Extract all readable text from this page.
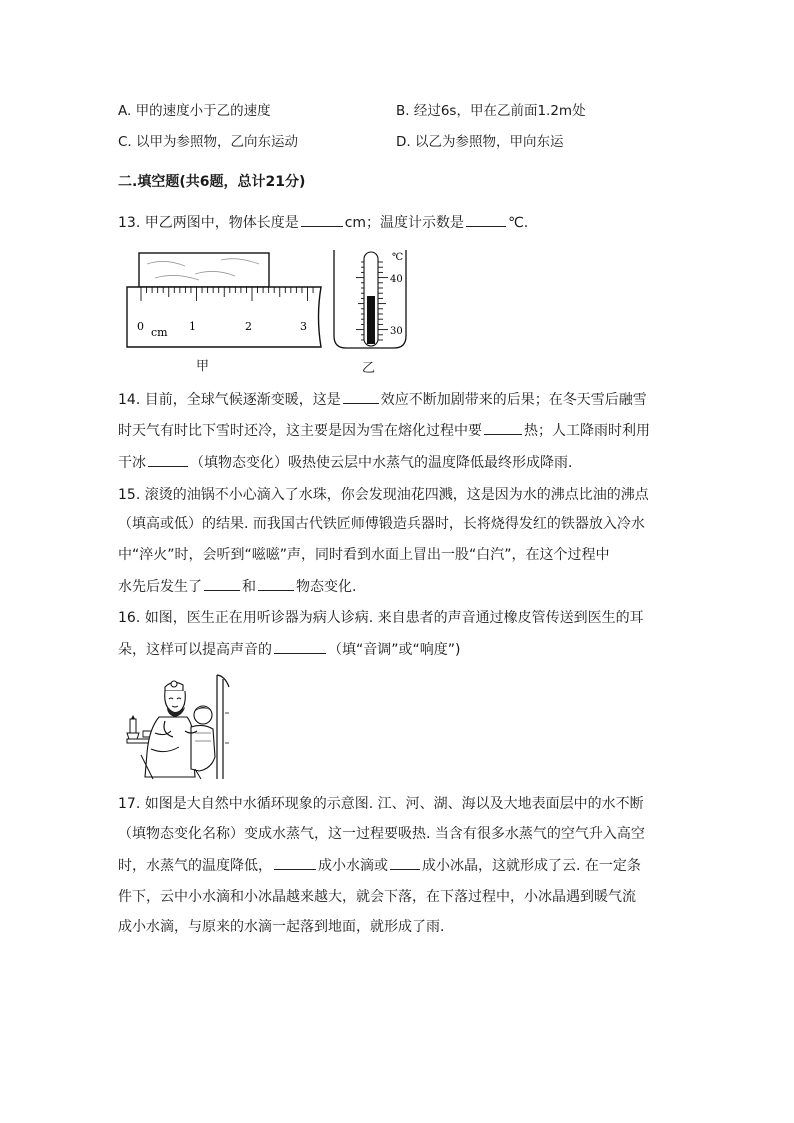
A. 甲的速度小于乙的速度	B. 经过6s，甲在乙前面1.2m处
C. 以甲为参照物，乙向东运动	D. 以乙为参照物，甲向东运
二.填空题(共6题，总计21分)
13. 甲乙两图中，物体长度是	cm；温度计示数是	℃.
0	1	2	3
cm
甲
℃
40
30
乙
14. 目前，全球气候逐渐变暖，这是	效应不断加剧带来的后果；在冬天雪后融雪
时天气有时比下雪时还冷，这主要是因为雪在熔化过程中要	热；人工降雨时利用
干冰	（填物态变化）吸热使云层中水蒸气的温度降低最终形成降雨.
15. 滚烫的油锅不小心滴入了水珠，你会发现油花四溅，这是因为水的沸点比油的沸点
（填高或低）的结果. 而我国古代铁匠师傅锻造兵器时，长将烧得发红的铁器放入冷水
中“淬火”时，会听到“嗞嗞”声，同时看到水面上冒出一股“白汽”，在这个过程中
水先后发生了	和	物态变化.
16. 如图，医生正在用听诊器为病人诊病. 来自患者的声音通过橡皮管传送到医生的耳
朵，这样可以提高声音的	（填“音调”或“响度”)
17. 如图是大自然中水循环现象的示意图. 江、河、湖、海以及大地表面层中的水不断
（填物态变化名称）变成水蒸气，这一过程要吸热. 当含有很多水蒸气的空气升入高空
时，水蒸气的温度降低，	成小水滴或 成小冰晶，这就形成了云. 在一定条
件下，云中小水滴和小冰晶越来越大，就会下落，在下落过程中，小冰晶遇到暖气流
成小水滴，与原来的水滴一起落到地面，就形成了雨.
